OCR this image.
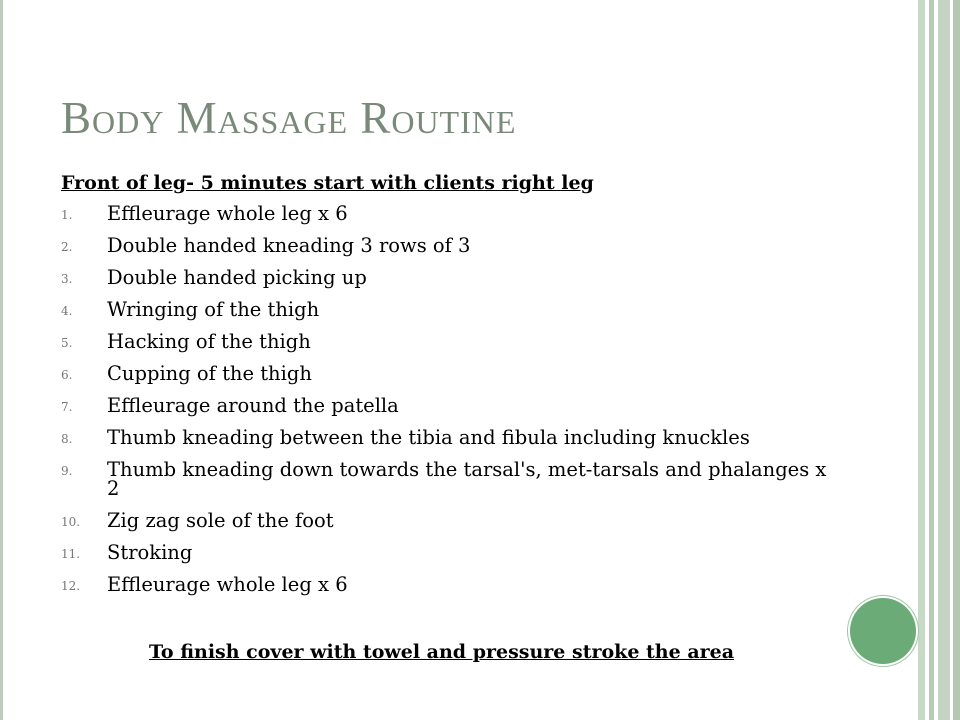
Body Massage Routine
Front of leg- 5 minutes start with clients right leg
1. Effleurage whole leg x 6
2. Double handed kneading 3 rows of 3
3. Double handed picking up
4. Wringing of the thigh
5. Hacking of the thigh
6. Cupping of the thigh
7. Effleurage around the patella
8. Thumb kneading between the tibia and fibula including knuckles
9. Thumb kneading down towards the tarsal's, met-tarsals and phalanges x 2
10. Zig zag sole of the foot
11. Stroking
12. Effleurage whole leg x 6
To finish cover with towel and pressure stroke the area
